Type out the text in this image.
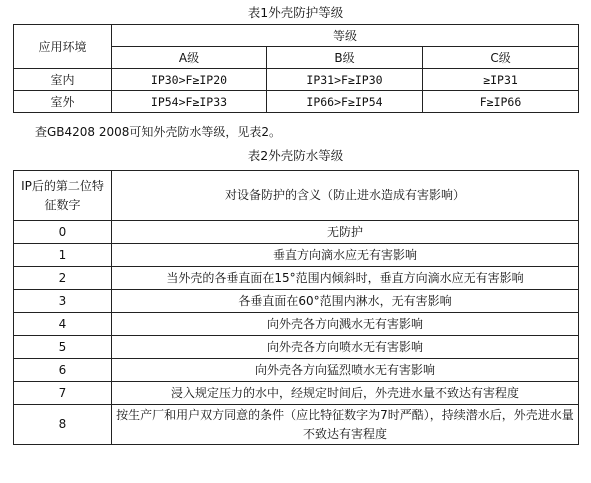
表1外壳防护等级
应用环境	等级		
	A级	B级	C级
室内	IP30>F≥IP20	IP31>F≥IP30	≥IP31
室外	IP54>F≥IP33	IP66>F≥IP54	F≥IP66
查GB4208 2008可知外壳防水等级，见表2。
表2外壳防水等级
IP后的第二位特征数字	对设备防护的含义（防止进水造成有害影响）
0	无防护
1	垂直方向滴水应无有害影响
2	当外壳的各垂直面在15°范围内倾斜时，垂直方向滴水应无有害影响
3	各垂直面在60°范围内淋水，无有害影响
4	向外壳各方向溅水无有害影响
5	向外壳各方向喷水无有害影响
6	向外壳各方向猛烈喷水无有害影响
7	浸入规定压力的水中，经规定时间后，外壳进水量不致达有害程度
8	按生产厂和用户双方同意的条件（应比特征数字为7时严酷），持续潜水后，外壳进水量不致达有害程度
